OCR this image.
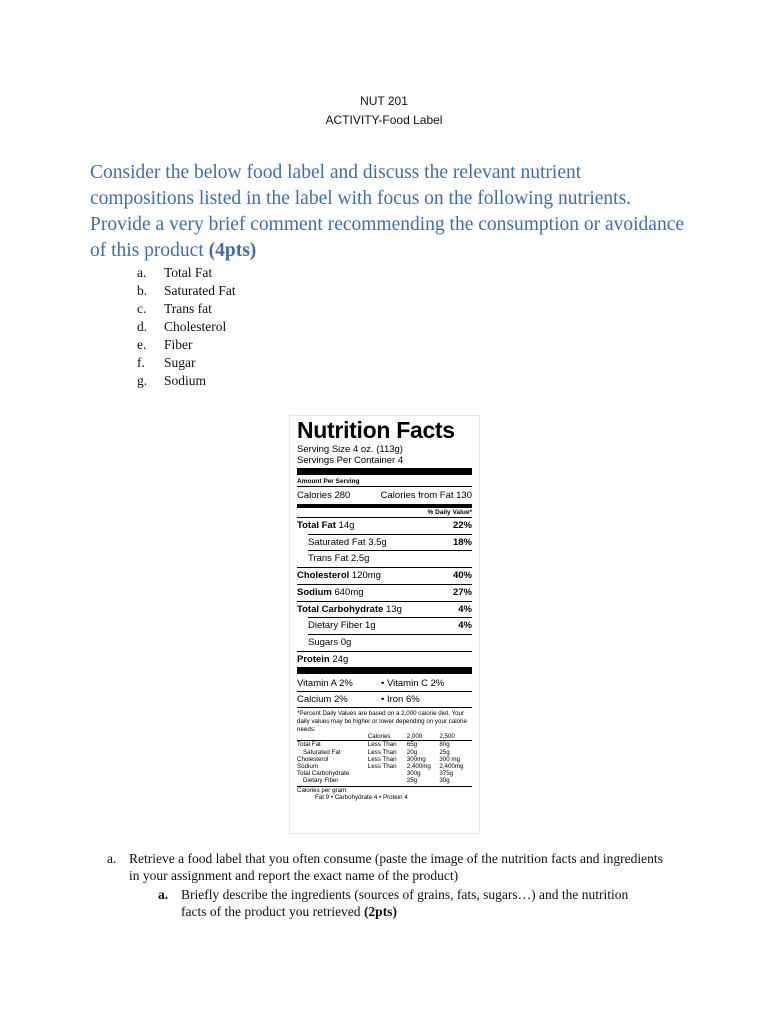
NUT 201
ACTIVITY-Food Label
Consider the below food label and discuss the relevant nutrient compositions listed in the label with focus on the following nutrients. Provide a very brief comment recommending the consumption or avoidance of this product (4pts)
a.	Total Fat
b.	Saturated Fat
c.	Trans fat
d.	Cholesterol
e.	Fiber
f.	Sugar
g.	Sodium
Nutrition Facts
Serving Size 4 oz. (113g)
Servings Per Container 4
Amount Per Serving
Calories 280	Calories from Fat 130
% Daily Value*
Total Fat 14g	22%
Saturated Fat 3.5g	18%
Trans Fat 2.5g
Cholesterol 120mg	40%
Sodium 640mg	27%
Total Carbohydrate 13g	4%
Dietary Fiber 1g	4%
Sugars 0g
Protein 24g
Vitamin A 2%	• Vitamin C 2%
Calcium 2%	• Iron 6%
*Percent Daily Values are based on a 2,000 calorie diet. Your daily values may be higher or lower depending on your calorie needs:
	Calories	2,000	2,500
Total Fat	Less Than	65g	80g
Saturated Fat	Less Than	20g	25g
Cholesterol	Less Than	300mg	300 mg
Sodium	Less Than	2,400mg	2,400mg
Total Carbohydrate		300g	375g
Dietary Fiber		25g	30g
Calories per gram:
Fat 9 • Carbohydrate 4 • Protein 4
a. Retrieve a food label that you often consume (paste the image of the nutrition facts and ingredients in your assignment and report the exact name of the product)
a. Briefly describe the ingredients (sources of grains, fats, sugars…) and the nutrition facts of the product you retrieved (2pts)
